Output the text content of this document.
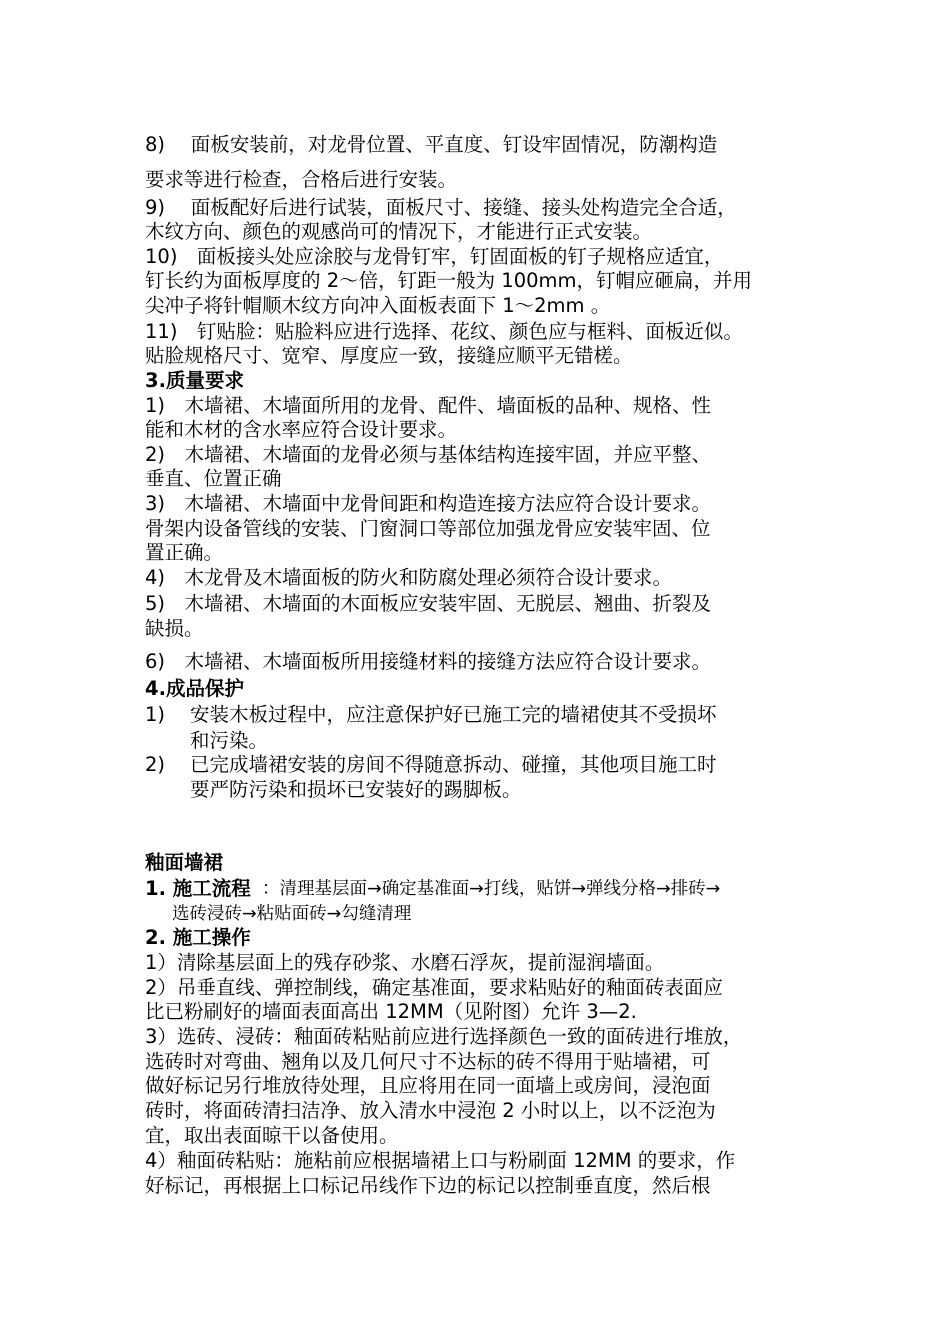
8)　 面板安装前，对龙骨位置、平直度、钉设牢固情况，防潮构造
要求等进行检查，合格后进行安装。
9)　 面板配好后进行试装，面板尺寸、接缝、接头处构造完全合适，
木纹方向、颜色的观感尚可的情况下，才能进行正式安装。
10)　面板接头处应涂胶与龙骨钉牢，钉固面板的钉子规格应适宜，
钉长约为面板厚度的 2～倍，钉距一般为 100mm，钉帽应砸扁，并用
尖冲子将针帽顺木纹方向冲入面板表面下 1～2mm 。
11)　钉贴脸：贴脸料应进行选择、花纹、颜色应与框料、面板近似。
贴脸规格尺寸、宽窄、厚度应一致，接缝应顺平无错槎。
3.质量要求
1)　木墙裙、木墙面所用的龙骨、配件、墙面板的品种、规格、性
能和木材的含水率应符合设计要求。
2)　木墙裙、木墙面的龙骨必须与基体结构连接牢固，并应平整、
垂直、位置正确
3)　木墙裙、木墙面中龙骨间距和构造连接方法应符合设计要求。
骨架内设备管线的安装、门窗洞口等部位加强龙骨应安装牢固、位
置正确。
4)　木龙骨及木墙面板的防火和防腐处理必须符合设计要求。
5)　木墙裙、木墙面的木面板应安装牢固、无脱层、翘曲、折裂及
缺损。
6)　木墙裙、木墙面板所用接缝材料的接缝方法应符合设计要求。
4.成品保护
1) 安装木板过程中，应注意保护好已施工完的墙裙使其不受损坏
和污染。
2) 已完成墙裙安装的房间不得随意拆动、碰撞，其他项目施工时
要严防污染和损坏已安装好的踢脚板。
釉面墙裙
1. 施工流程 ：清理基层面→确定基准面→打线，贴饼→弹线分格→排砖→
选砖浸砖→粘贴面砖→勾缝清理
2. 施工操作
1）清除基层面上的残存砂浆、水磨石浮灰，提前湿润墙面。
2）吊垂直线、弹控制线，确定基准面，要求粘贴好的釉面砖表面应
比已粉刷好的墙面表面高出 12MM（见附图）允许 3—2.
3）选砖、浸砖：釉面砖粘贴前应进行选择颜色一致的面砖进行堆放，
选砖时对弯曲、翘角以及几何尺寸不达标的砖不得用于贴墙裙，可
做好标记另行堆放待处理，且应将用在同一面墙上或房间，浸泡面
砖时，将面砖清扫洁净、放入清水中浸泡 2 小时以上，以不泛泡为
宜，取出表面晾干以备使用。
4）釉面砖粘贴：施粘前应根据墙裙上口与粉刷面 12MM 的要求，作
好标记，再根据上口标记吊线作下边的标记以控制垂直度，然后根
